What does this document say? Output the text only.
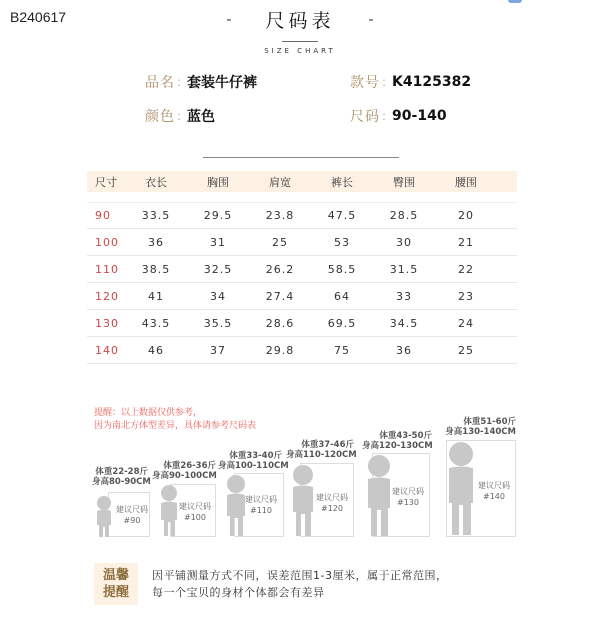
B240617	- 尺码表 -
SIZE CHART
品名 : 套装牛仔裤	款号 : K4125382
颜色 : 蓝色	尺码 : 90-140
尺寸	衣长	胸围	肩宽	裤长	臀围	腰围
90	33.5	29.5	23.8	47.5	28.5	20
100	36	31	25	53	30	21
110	38.5	32.5	26.2	58.5	31.5	22
120	41	34	27.4	64	33	23
130	43.5	35.5	28.6	69.5	34.5	24
140	46	37	29.8	75	36	25
提醒：以上数据仅供参考，
因为南北方体型差异，具体请参考尺码表
体重22-28斤
身高80-90CM
建议尺码
#90
体重26-36斤
身高90-100CM
建议尺码
#100
体重33-40斤
身高100-110CM
建议尺码
#110
体重37-46斤
身高110-120CM
建议尺码
#120
体重43-50斤
身高120-130CM
建议尺码
#130
体重51-60斤
身高130-140CM
建议尺码
#140
温馨
提醒
因平铺测量方式不同，误差范围1-3厘米，属于正常范围，
每一个宝贝的身材个体都会有差异
